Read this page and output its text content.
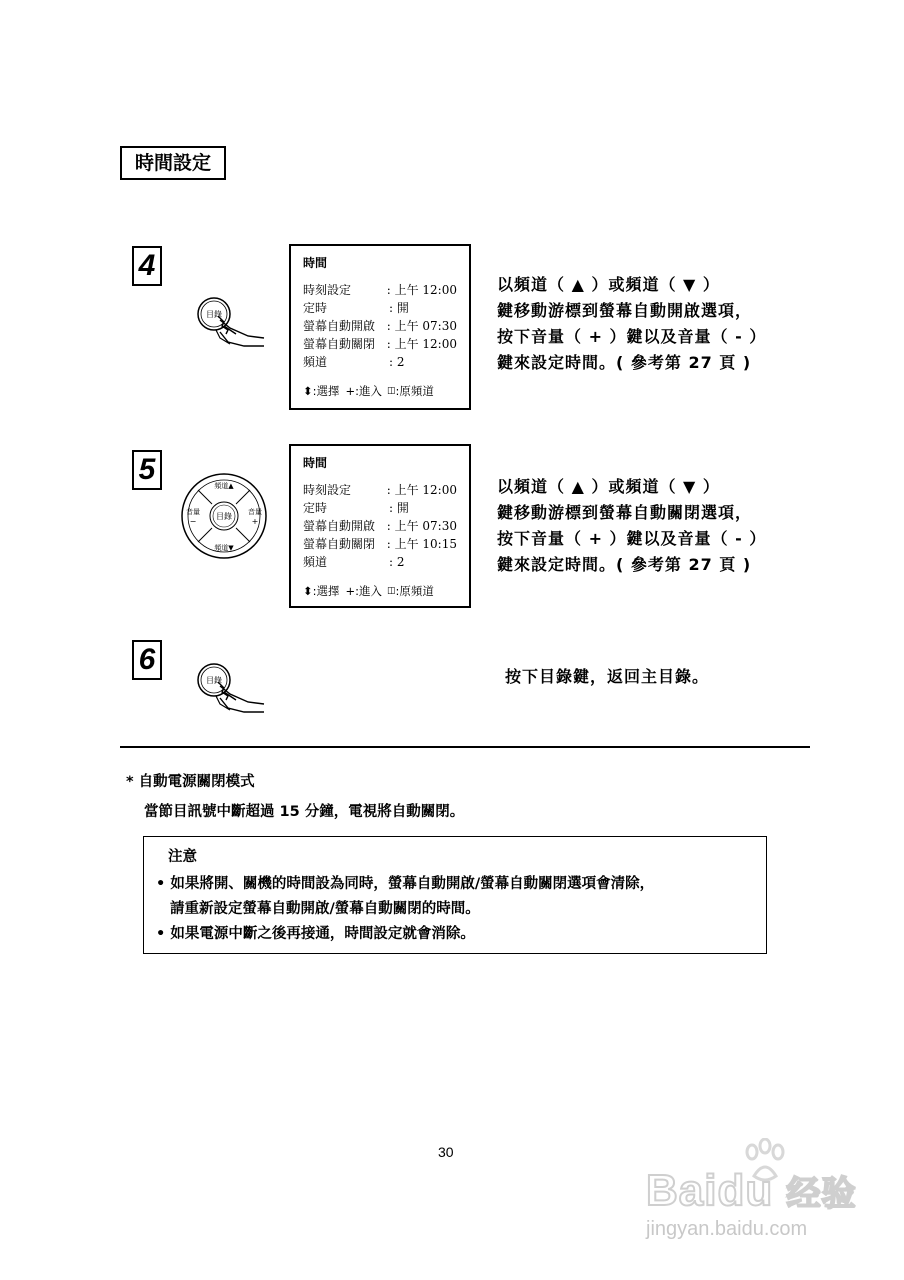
時間設定
4
目錄
時間
時刻設定	: 上午 12:00
定時	: 開
螢幕自動開啟 : 上午 07:30
螢幕自動關閉 : 上午 12:00
頻道	: 2
⬍ :選擇 + :進入 ◫ :原頻道
以頻道（ ▲ ）或頻道（ ▼ ）
鍵移動游標到螢幕自動開啟選項，
按下音量（ + ）鍵以及音量（ - ）
鍵來設定時間。( 參考第 27 頁 )
5
目錄
頻道▲
頻道▼
音量
−
音量
+
時間
時刻設定	: 上午 12:00
定時	: 開
螢幕自動開啟 : 上午 07:30
螢幕自動關閉 : 上午 10:15
頻道	: 2
⬍ :選擇 + :進入 ◫ :原頻道
以頻道（ ▲ ）或頻道（ ▼ ）
鍵移動游標到螢幕自動關閉選項，
按下音量（ + ）鍵以及音量（ - ）
鍵來設定時間。( 參考第 27 頁 )
6
目錄	按下目錄鍵，返回主目錄。
* 自動電源關閉模式
當節目訊號中斷超過 15 分鐘，電視將自動關閉。
注意
• 如果將開、關機的時間設為同時，螢幕自動開啟/螢幕自動關閉選項會清除，
請重新設定螢幕自動開啟/螢幕自動關閉的時間。
• 如果電源中斷之後再接通，時間設定就會消除。
30
Baidu 经验
jingyan.baidu.com
